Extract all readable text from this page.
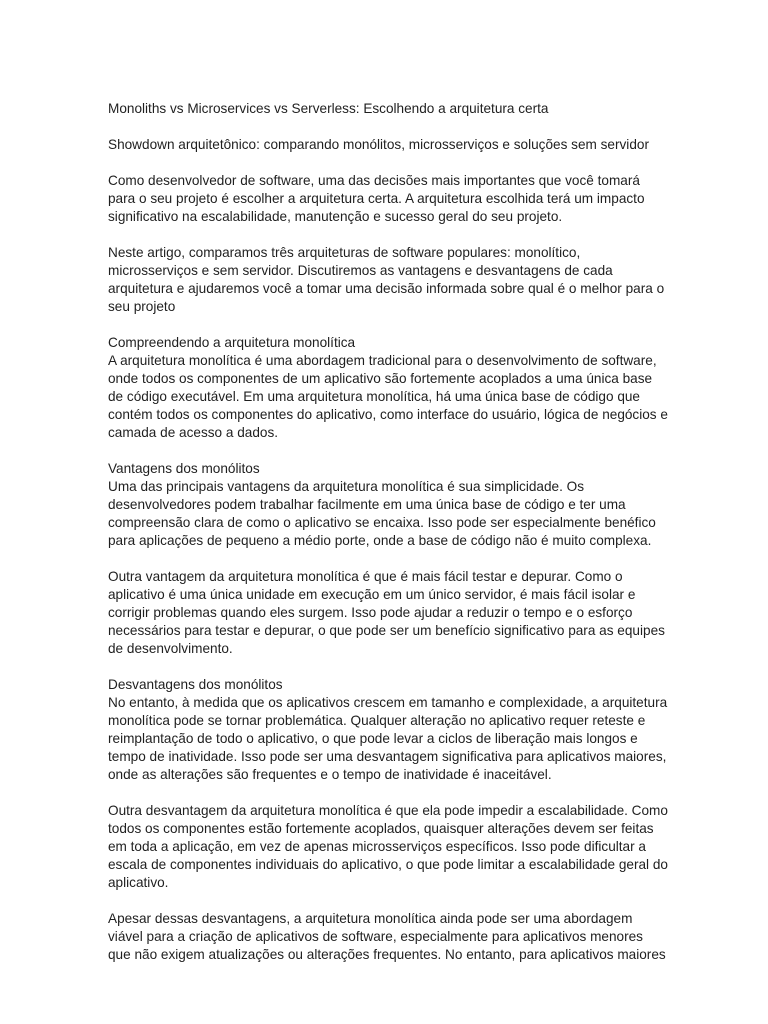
Monoliths vs Microservices vs Serverless: Escolhendo a arquitetura certa
Showdown arquitetônico: comparando monólitos, microsserviços e soluções sem servidor
Como desenvolvedor de software, uma das decisões mais importantes que você tomará
para o seu projeto é escolher a arquitetura certa. A arquitetura escolhida terá um impacto
significativo na escalabilidade, manutenção e sucesso geral do seu projeto.
Neste artigo, comparamos três arquiteturas de software populares: monolítico,
microsserviços e sem servidor. Discutiremos as vantagens e desvantagens de cada
arquitetura e ajudaremos você a tomar uma decisão informada sobre qual é o melhor para o
seu projeto
Compreendendo a arquitetura monolítica
A arquitetura monolítica é uma abordagem tradicional para o desenvolvimento de software,
onde todos os componentes de um aplicativo são fortemente acoplados a uma única base
de código executável. Em uma arquitetura monolítica, há uma única base de código que
contém todos os componentes do aplicativo, como interface do usuário, lógica de negócios e
camada de acesso a dados.
Vantagens dos monólitos
Uma das principais vantagens da arquitetura monolítica é sua simplicidade. Os
desenvolvedores podem trabalhar facilmente em uma única base de código e ter uma
compreensão clara de como o aplicativo se encaixa. Isso pode ser especialmente benéfico
para aplicações de pequeno a médio porte, onde a base de código não é muito complexa.
Outra vantagem da arquitetura monolítica é que é mais fácil testar e depurar. Como o
aplicativo é uma única unidade em execução em um único servidor, é mais fácil isolar e
corrigir problemas quando eles surgem. Isso pode ajudar a reduzir o tempo e o esforço
necessários para testar e depurar, o que pode ser um benefício significativo para as equipes
de desenvolvimento.
Desvantagens dos monólitos
No entanto, à medida que os aplicativos crescem em tamanho e complexidade, a arquitetura
monolítica pode se tornar problemática. Qualquer alteração no aplicativo requer reteste e
reimplantação de todo o aplicativo, o que pode levar a ciclos de liberação mais longos e
tempo de inatividade. Isso pode ser uma desvantagem significativa para aplicativos maiores,
onde as alterações são frequentes e o tempo de inatividade é inaceitável.
Outra desvantagem da arquitetura monolítica é que ela pode impedir a escalabilidade. Como
todos os componentes estão fortemente acoplados, quaisquer alterações devem ser feitas
em toda a aplicação, em vez de apenas microsserviços específicos. Isso pode dificultar a
escala de componentes individuais do aplicativo, o que pode limitar a escalabilidade geral do
aplicativo.
Apesar dessas desvantagens, a arquitetura monolítica ainda pode ser uma abordagem
viável para a criação de aplicativos de software, especialmente para aplicativos menores
que não exigem atualizações ou alterações frequentes. No entanto, para aplicativos maiores
